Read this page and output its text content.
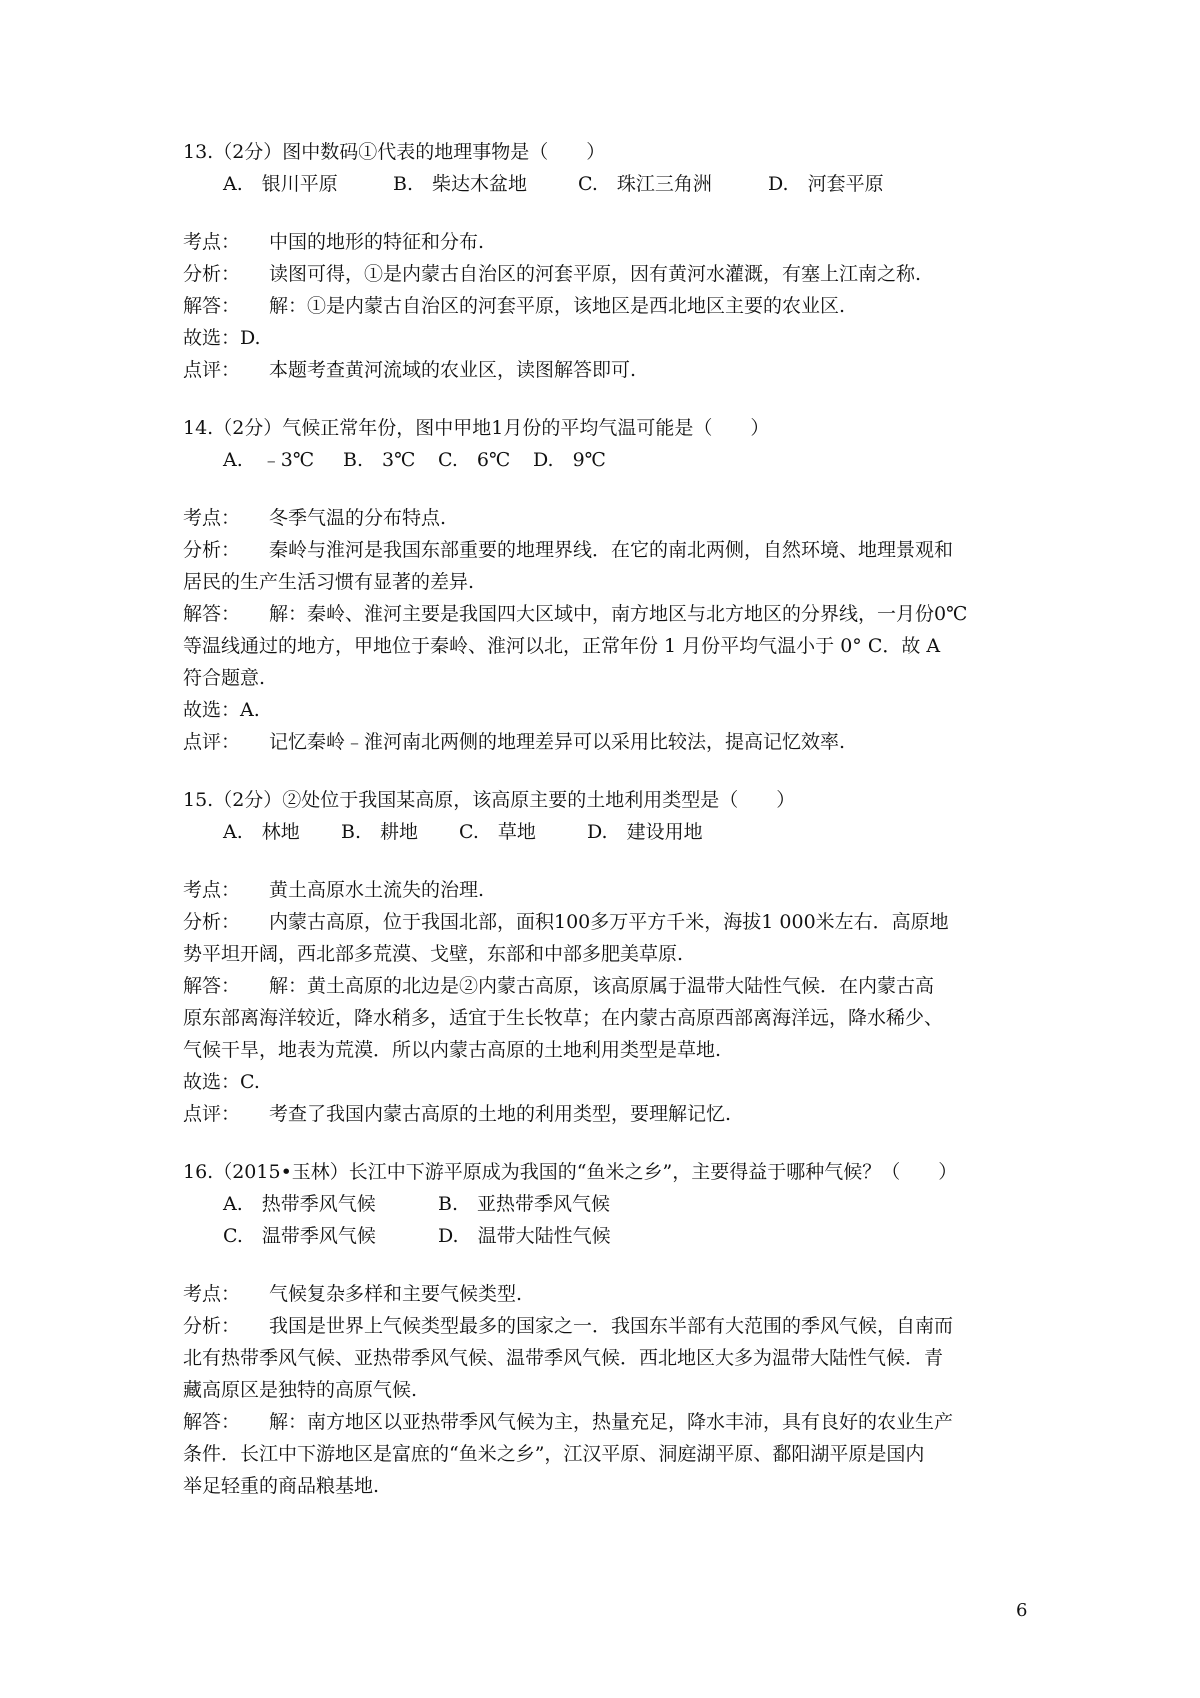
13.（2分）图中数码①代表的地理事物是（　　）
A.　银川平原	B.　柴达木盆地	C.　珠江三角洲	D.　河套平原
考点： 中国的地形的特征和分布.
分析： 读图可得，①是内蒙古自治区的河套平原，因有黄河水灌溉，有塞上江南之称.
解答： 解：①是内蒙古自治区的河套平原，该地区是西北地区主要的农业区.
故选：D.
点评： 本题考查黄河流域的农业区，读图解答即可.
14.（2分）气候正常年份，图中甲地1月份的平均气温可能是（　　）
A.　﹣3℃ B.　3℃ C.　6℃ D.　9℃
考点： 冬季气温的分布特点.
分析： 秦岭与淮河是我国东部重要的地理界线．在它的南北两侧，自然环境、地理景观和
居民的生产生活习惯有显著的差异.
解答： 解：秦岭、淮河主要是我国四大区域中，南方地区与北方地区的分界线，一月份0℃
等温线通过的地方，甲地位于秦岭、淮河以北，正常年份 1 月份平均气温小于 0° C．故 A
符合题意.
故选：A.
点评： 记忆秦岭﹣淮河南北两侧的地理差异可以采用比较法，提高记忆效率.
15.（2分）②处位于我国某高原，该高原主要的土地利用类型是（　　）
A.　林地 B.　耕地 C.　草地	D.　建设用地
考点： 黄土高原水土流失的治理.
分析： 内蒙古高原，位于我国北部，面积100多万平方千米，海拔1 000米左右．高原地
势平坦开阔，西北部多荒漠、戈壁，东部和中部多肥美草原.
解答： 解：黄土高原的北边是②内蒙古高原，该高原属于温带大陆性气候．在内蒙古高
原东部离海洋较近，降水稍多，适宜于生长牧草；在内蒙古高原西部离海洋远，降水稀少、
气候干旱，地表为荒漠．所以内蒙古高原的土地利用类型是草地.
故选：C.
点评： 考查了我国内蒙古高原的土地的利用类型，要理解记忆.
16.（2015•玉林）长江中下游平原成为我国的“鱼米之乡”，主要得益于哪种气候？（　　）
A.　热带季风气候	B.　亚热带季风气候
C.　温带季风气候	D.　温带大陆性气候
考点： 气候复杂多样和主要气候类型.
分析： 我国是世界上气候类型最多的国家之一．我国东半部有大范围的季风气候，自南而
北有热带季风气候、亚热带季风气候、温带季风气候．西北地区大多为温带大陆性气候．青
藏高原区是独特的高原气候.
解答： 解：南方地区以亚热带季风气候为主，热量充足，降水丰沛，具有良好的农业生产
条件．长江中下游地区是富庶的“鱼米之乡”，江汉平原、洞庭湖平原、鄱阳湖平原是国内
举足轻重的商品粮基地.
6
